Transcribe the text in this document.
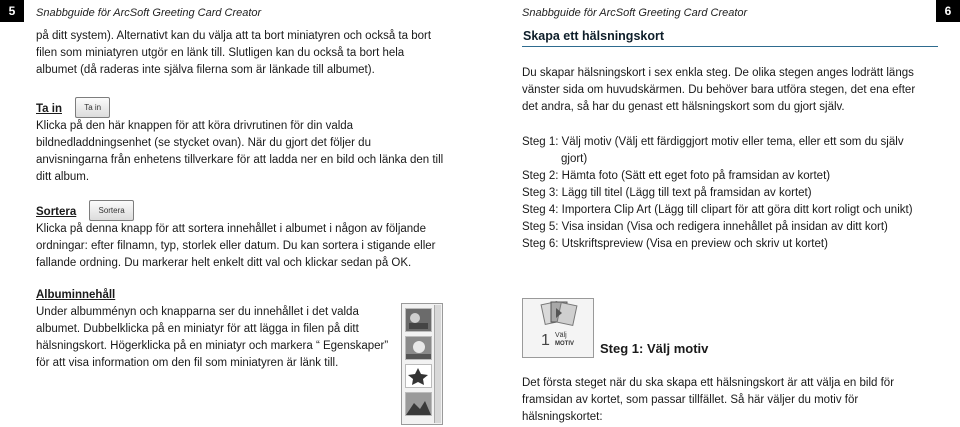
5	Snabbguide för ArcSoft Greeting Card Creator	Snabbguide för ArcSoft Greeting Card Creator	6

på ditt system). Alternativt kan du välja att ta bort miniatyren och också ta bort

filen som miniatyren utgör en länk till. Slutligen kan du också ta bort hela

albumet (då raderas inte själva filerna som är länkade till albumet).

Ta in	Ta in

Klicka på den här knappen för att köra drivrutinen för din valda

bildnedladdningsenhet (se stycket ovan). När du gjort det följer du

anvisningarna från enhetens tillverkare för att ladda ner en bild och länka den till

ditt album.

Sortera	Sortera

Klicka på denna knapp för att sortera innehållet i albumet i någon av följande

ordningar: efter filnamn, typ, storlek eller datum. Du kan sortera i stigande eller

fallande ordning. Du markerar helt enkelt ditt val och klickar sedan på OK.

Albuminnehåll

Under albumményn och knapparna ser du innehållet i det valda

albumet. Dubbelklicka på en miniatyr för att lägga in filen på ditt

hälsningskort. Högerklicka på en miniatyr och markera “ Egenskaper”

för att visa information om den fil som miniatyren är länk till.

Skapa ett hälsningskort

Du skapar hälsningskort i sex enkla steg. De olika stegen anges lodrätt längs

vänster sida om huvudskärmen. Du behöver bara utföra stegen, det ena efter

det andra, så har du genast ett hälsningskort som du gjort själv.

Steg 1: Välj motiv (Välj ett färdiggjort motiv eller tema, eller ett som du själv

gjort)

Steg 2: Hämta foto (Sätt ett eget foto på framsidan av kortet)

Steg 3: Lägg till titel (Lägg till text på framsidan av kortet)

Steg 4: Importera Clip Art (Lägg till clipart för att göra ditt kort roligt och unikt)

Steg 5: Visa insidan (Visa och redigera innehållet på insidan av ditt kort)

Steg 6: Utskriftspreview (Visa en preview och skriv ut kortet)

Välj
MOTIV
1	Steg 1: Välj motiv

Det första steget när du ska skapa ett hälsningskort är att välja en bild för

framsidan av kortet, som passar tillfället. Så här väljer du motiv för

hälsningskortet:
